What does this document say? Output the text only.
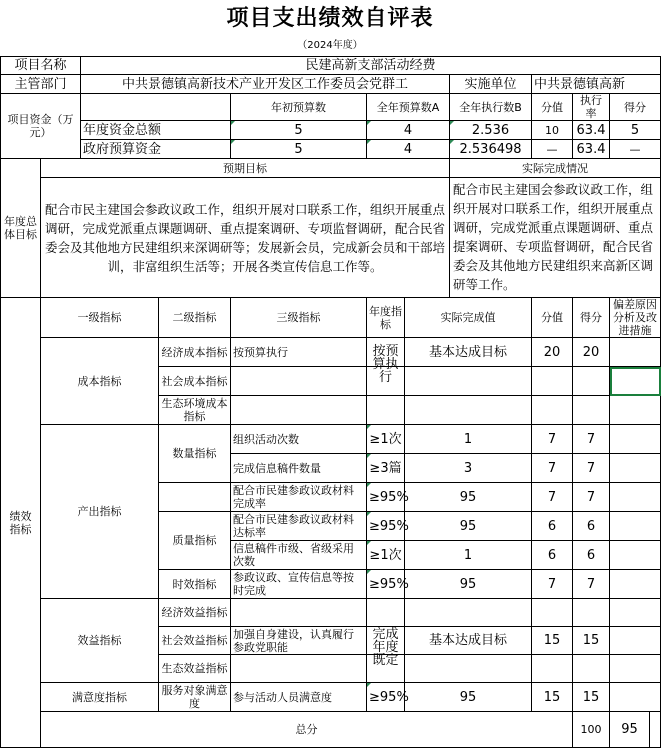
项目支出绩效自评表
（2024年度）
项目名称		民建高新支部活动经费									
主管部门		中共景德镇高新技术产业开发区工作委员会党群工					实施单位	中共景德镇高新			
项目资金（万元）				年初预算数	全年预算数A		全年执行数B	分值	执行率	得分	
		年度资金总额		5	4		2.536	10	63.4	5	
		政府预算资金		5	4		2.536498	—	63.4	—	
年度总体目标	预期目标						实际完成情况				
	配合市民主建国会参政议政工作，组织开展对口联系工作，组织开展重点调研，完成党派重点课题调研、重点提案调研、专项监督调研，配合民省委会及其他地方民建组织来深调研等；发展新会员，完成新会员和干部培训，非富组织生活等；开展各类宣传信息工作等。						配合市民主建国会参政议政工作，组织开展对口联系工作，组织开展重点调研，完成党派重点课题调研、重点提案调研、专项监督调研，配合民省委会及其他地方民建组织来高新区调研等工作。				
绩效指标	一级指标		二级指标	三级指标	年度指标	实际完成值		分值	得分	偏差原因分析及改进措施	
	成本指标		经济成本指标	按预算执行	按预算执行	基本达成目标		20	20		
			社会成本指标								
			生态环境成本指标								
	产出指标		数量指标	组织活动次数	≥1次	1		7	7		
				完成信息稿件数量	≥3篇	3		7	7		

				配合市民建参政议政材料完成率	≥95%	95		7	7		
			质量指标	配合市民建参政议政材料达标率	≥95%	95		6	6		

				信息稿件市级、省级采用次数	≥1次	1		6	6		
			时效指标	参政议政、宣传信息等按时完成	≥95%	95		7	7		
	效益指标		经济效益指标								
			社会效益指标	加强自身建设，认真履行参政党职能	完成年度既定	基本达成目标		15	15		
			生态效益指标								
	满意度指标		服务对象满意度	参与活动人员满意度	≥95%	95		15	15		
	总分								100	95	
